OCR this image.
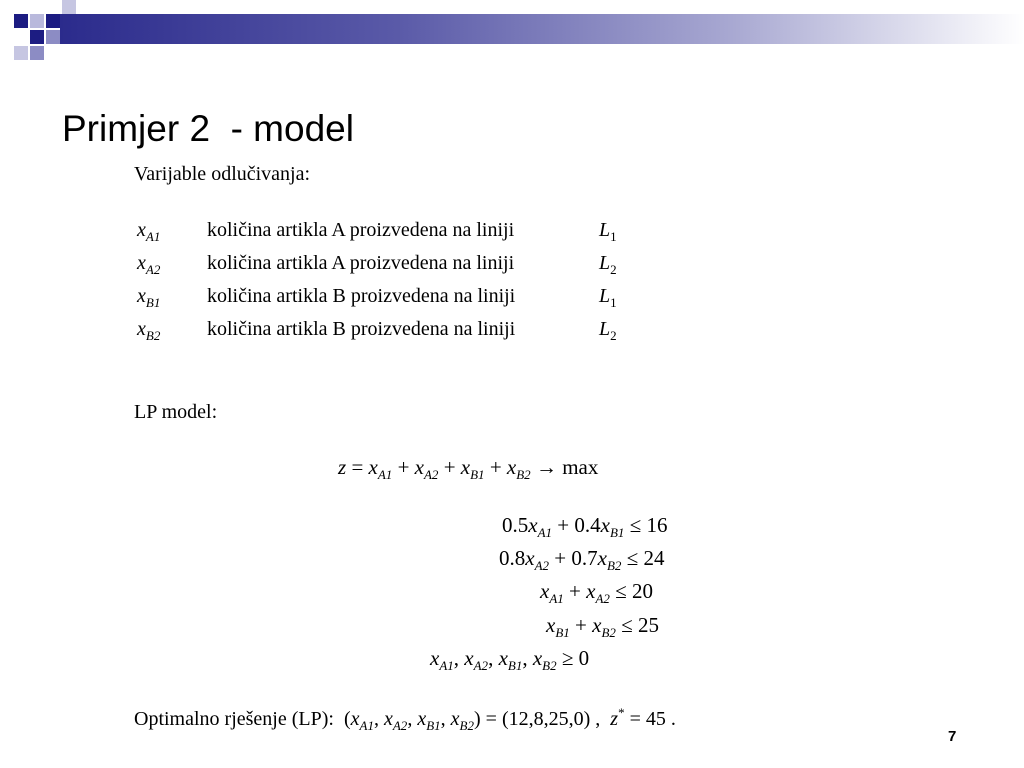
Primjer 2  - model
Varijable odlučivanja:
$x_{A1}$ količina artikla A proizvedena na liniji	$L_1$
$x_{A2}$ količina artikla A proizvedena na liniji	$L_2$
$x_{B1}$ količina artikla B proizvedena na liniji	$L_1$
$x_{B2}$ količina artikla B proizvedena na liniji	$L_2$
LP model:
$z = x_{A1} + x_{A2} + x_{B1} + x_{B2} \to \max$
$0.5x_{A1} + 0.4x_{B1} \le 16$
$0.8x_{A2} + 0.7x_{B2} \le 24$
$x_{A1} + x_{A2} \le 20$
$x_{B1} + x_{B2} \le 25$
$x_{A1}$, $x_{A2}$, $x_{B1}$, $x_{B2} \ge 0$
Optimalno rješenje (LP):  ($x_{A1}$, $x_{A2}$, $x_{B1}$, $x_{B2}) = (12,8,25,0)$ ,  z* = 45 .
7
